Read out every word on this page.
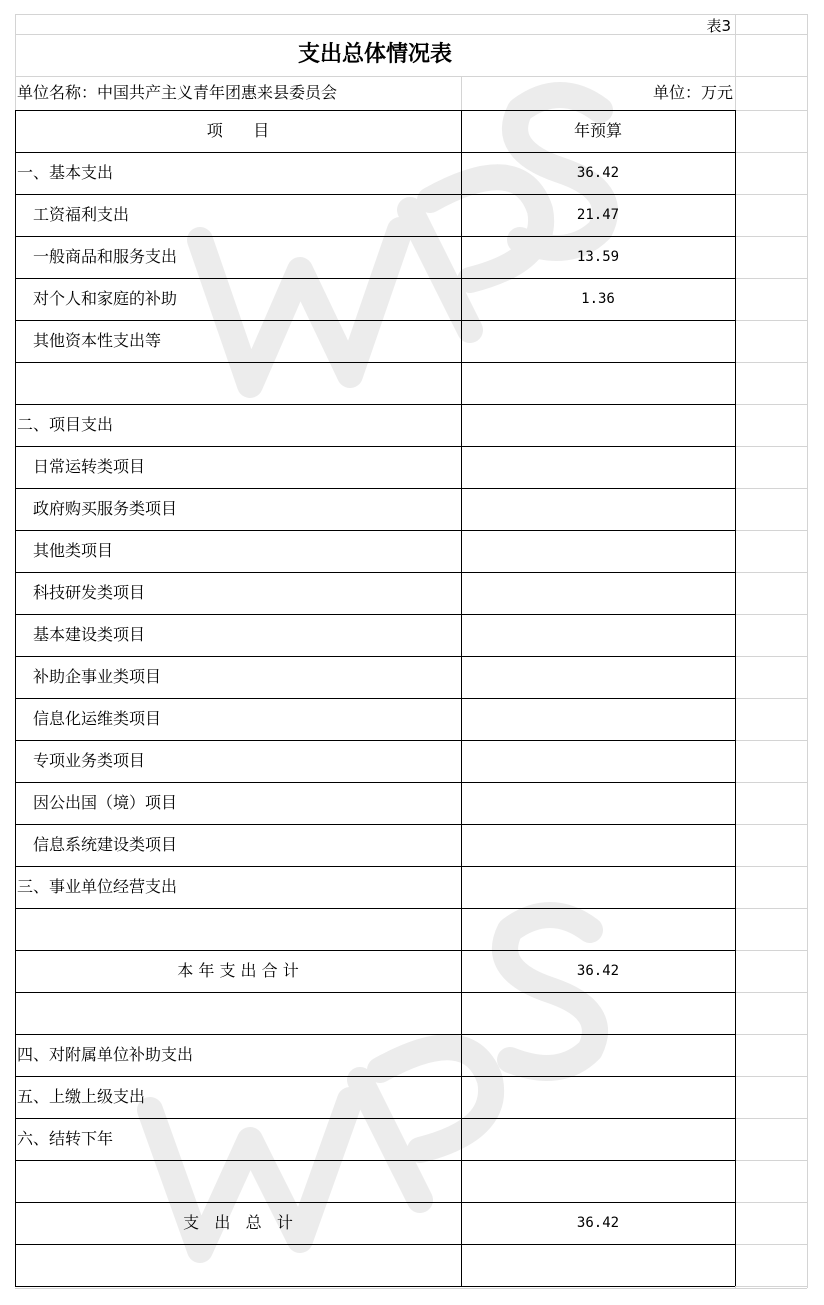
表3
支出总体情况表
单位名称：中国共产主义青年团惠来县委员会	单位：万元
项      目	年预算
一、基本支出	36.42
工资福利支出	21.47
一般商品和服务支出	13.59
对个人和家庭的补助	1.36
其他资本性支出等
二、项目支出
日常运转类项目
政府购买服务类项目
其他类项目
科技研发类项目
基本建设类项目
补助企事业类项目
信息化运维类项目
专项业务类项目
因公出国（境）项目
信息系统建设类项目
三、事业单位经营支出
本 年 支 出 合 计	36.42
四、对附属单位补助支出
五、上缴上级支出
六、结转下年
支   出   总   计	36.42
